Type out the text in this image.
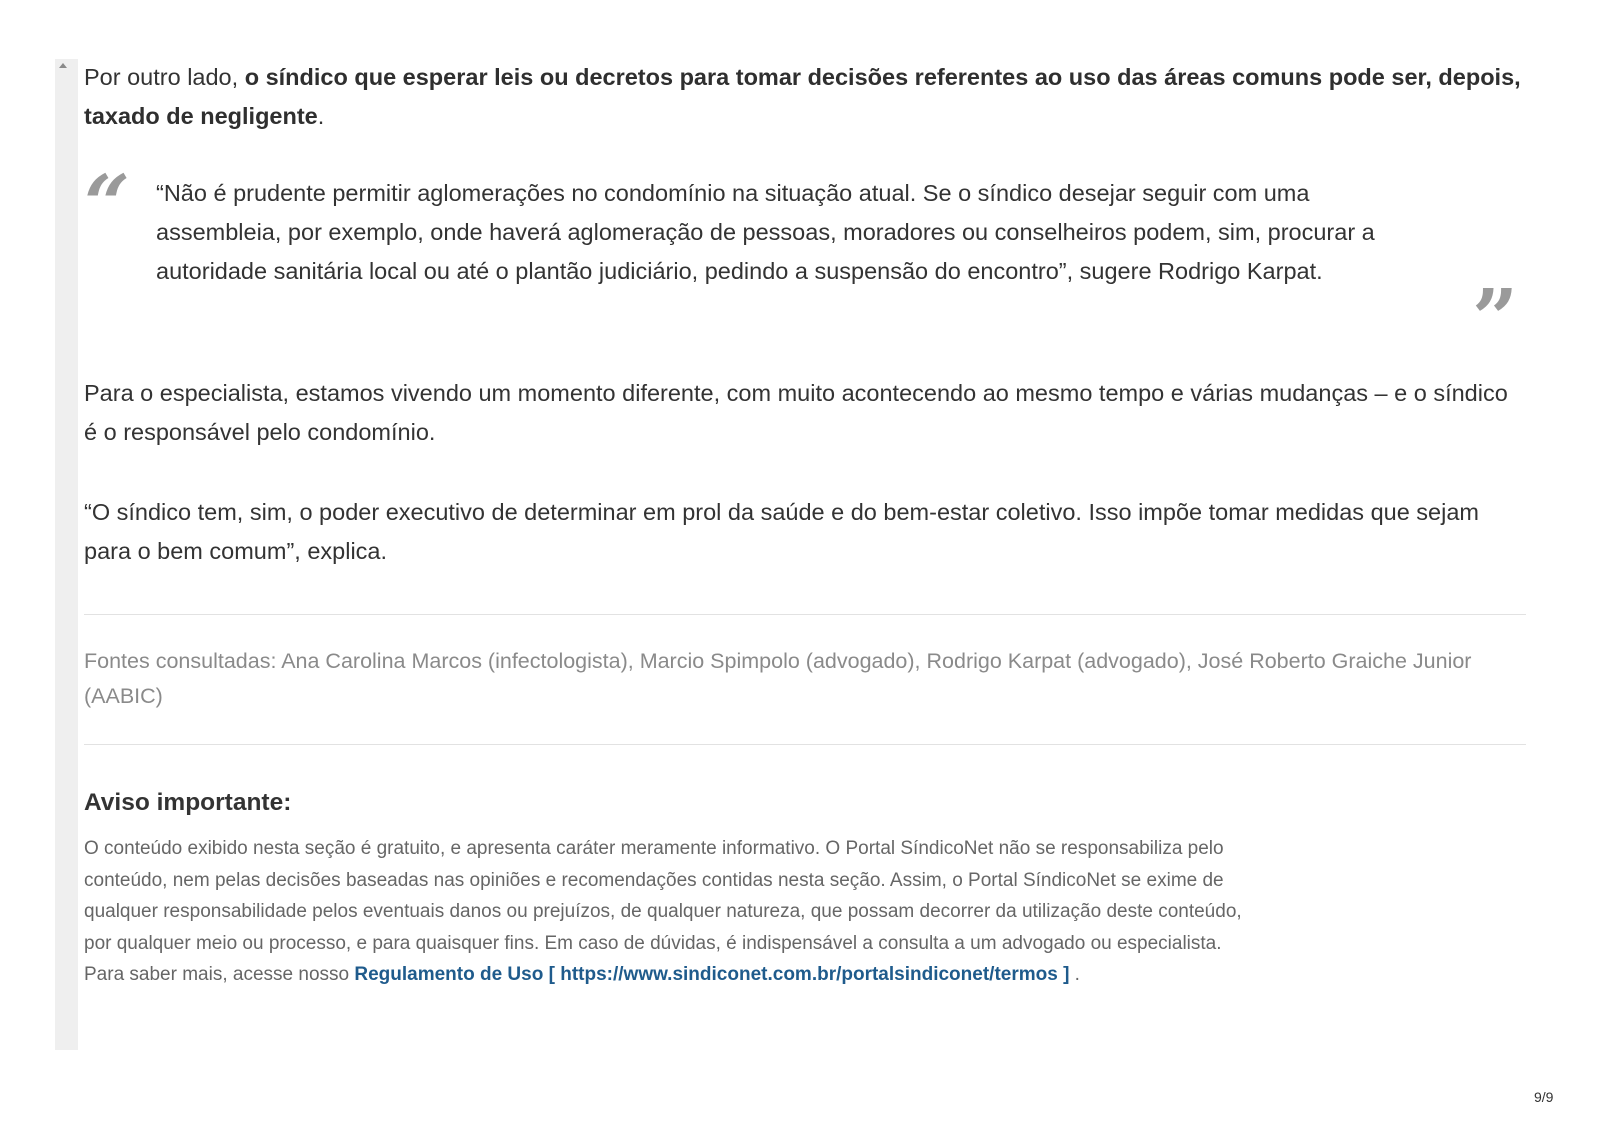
Por outro lado, o síndico que esperar leis ou decretos para tomar decisões referentes ao uso das áreas comuns pode ser, depois, taxado de negligente.

“ “Não é prudente permitir aglomerações no condomínio na situação atual. Se o síndico desejar seguir com uma assembleia, por exemplo, onde haverá aglomeração de pessoas, moradores ou conselheiros podem, sim, procurar a autoridade sanitária local ou até o plantão judiciário, pedindo a suspensão do encontro”, sugere Rodrigo Karpat.	”

Para o especialista, estamos vivendo um momento diferente, com muito acontecendo ao mesmo tempo e várias mudanças – e o síndico é o responsável pelo condomínio.

“O síndico tem, sim, o poder executivo de determinar em prol da saúde e do bem-estar coletivo. Isso impõe tomar medidas que sejam para o bem comum”, explica.

Fontes consultadas: Ana Carolina Marcos (infectologista), Marcio Spimpolo (advogado), Rodrigo Karpat (advogado), José Roberto Graiche Junior (AABIC)

Aviso importante:

O conteúdo exibido nesta seção é gratuito, e apresenta caráter meramente informativo. O Portal SíndicoNet não se responsabiliza pelo conteúdo, nem pelas decisões baseadas nas opiniões e recomendações contidas nesta seção. Assim, o Portal SíndicoNet se exime de qualquer responsabilidade pelos eventuais danos ou prejuízos, de qualquer natureza, que possam decorrer da utilização deste conteúdo, por qualquer meio ou processo, e para quaisquer fins. Em caso de dúvidas, é indispensável a consulta a um advogado ou especialista.

Para saber mais, acesse nosso Regulamento de Uso [ https://www.sindiconet.com.br/portalsindiconet/termos ] .

9/9
